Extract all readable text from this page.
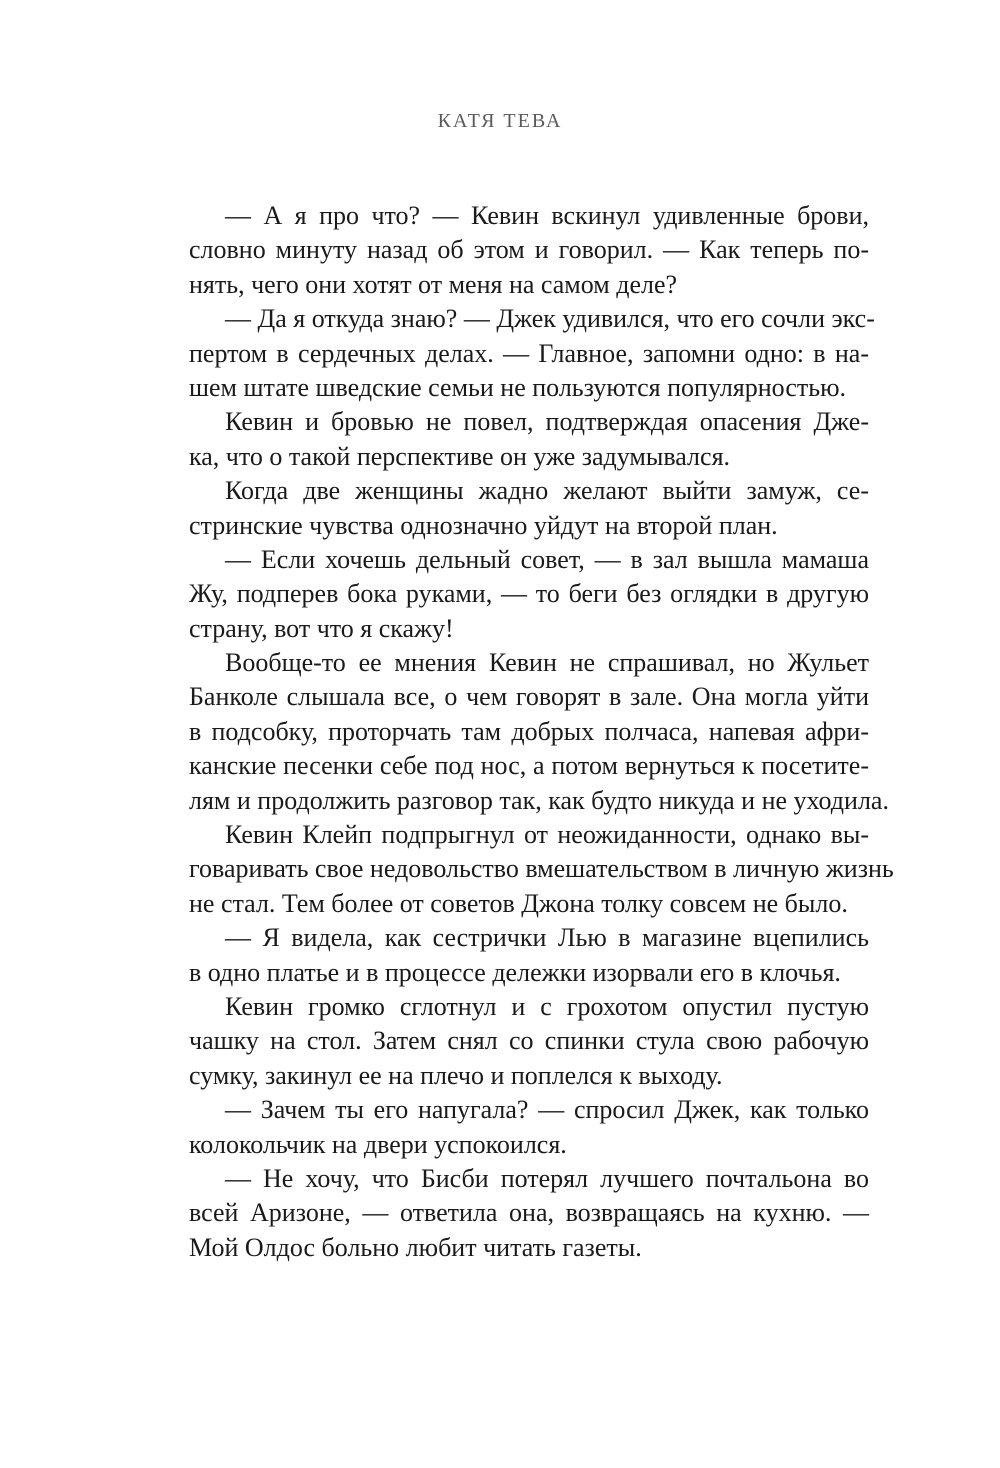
КАТЯ ТЕВА
— А я про что? — Кевин вскинул удивленные брови,
словно минуту назад об этом и говорил. — Как теперь по-
нять, чего они хотят от меня на самом деле?
— Да я откуда знаю? — Джек удивился, что его сочли экс-
пертом в сердечных делах. — Главное, запомни одно: в на-
шем штате шведские семьи не пользуются популярностью.
Кевин и бровью не повел, подтверждая опасения Дже-
ка, что о такой перспективе он уже задумывался.
Когда две женщины жадно желают выйти замуж, се-
стринские чувства однозначно уйдут на второй план.
— Если хочешь дельный совет, — в зал вышла мамаша
Жу, подперев бока руками, — то беги без оглядки в другую
страну, вот что я скажу!
Вообще-то ее мнения Кевин не спрашивал, но Жульет
Банколе слышала все, о чем говорят в зале. Она могла уйти
в подсобку, проторчать там добрых полчаса, напевая афри-
канские песенки себе под нос, а потом вернуться к посетите-
лям и продолжить разговор так, как будто никуда и не уходила.
Кевин Клейп подпрыгнул от неожиданности, однако вы-
говаривать свое недовольство вмешательством в личную жизнь
не стал. Тем более от советов Джона толку совсем не было.
— Я видела, как сестрички Лью в магазине вцепились
в одно платье и в процессе дележки изорвали его в клочья.
Кевин громко сглотнул и с грохотом опустил пустую
чашку на стол. Затем снял со спинки стула свою рабочую
сумку, закинул ее на плечо и поплелся к выходу.
— Зачем ты его напугала? — спросил Джек, как только
колокольчик на двери успокоился.
— Не хочу, что Бисби потерял лучшего почтальона во
всей Аризоне, — ответила она, возвращаясь на кухню. —
Мой Олдос больно любит читать газеты.
